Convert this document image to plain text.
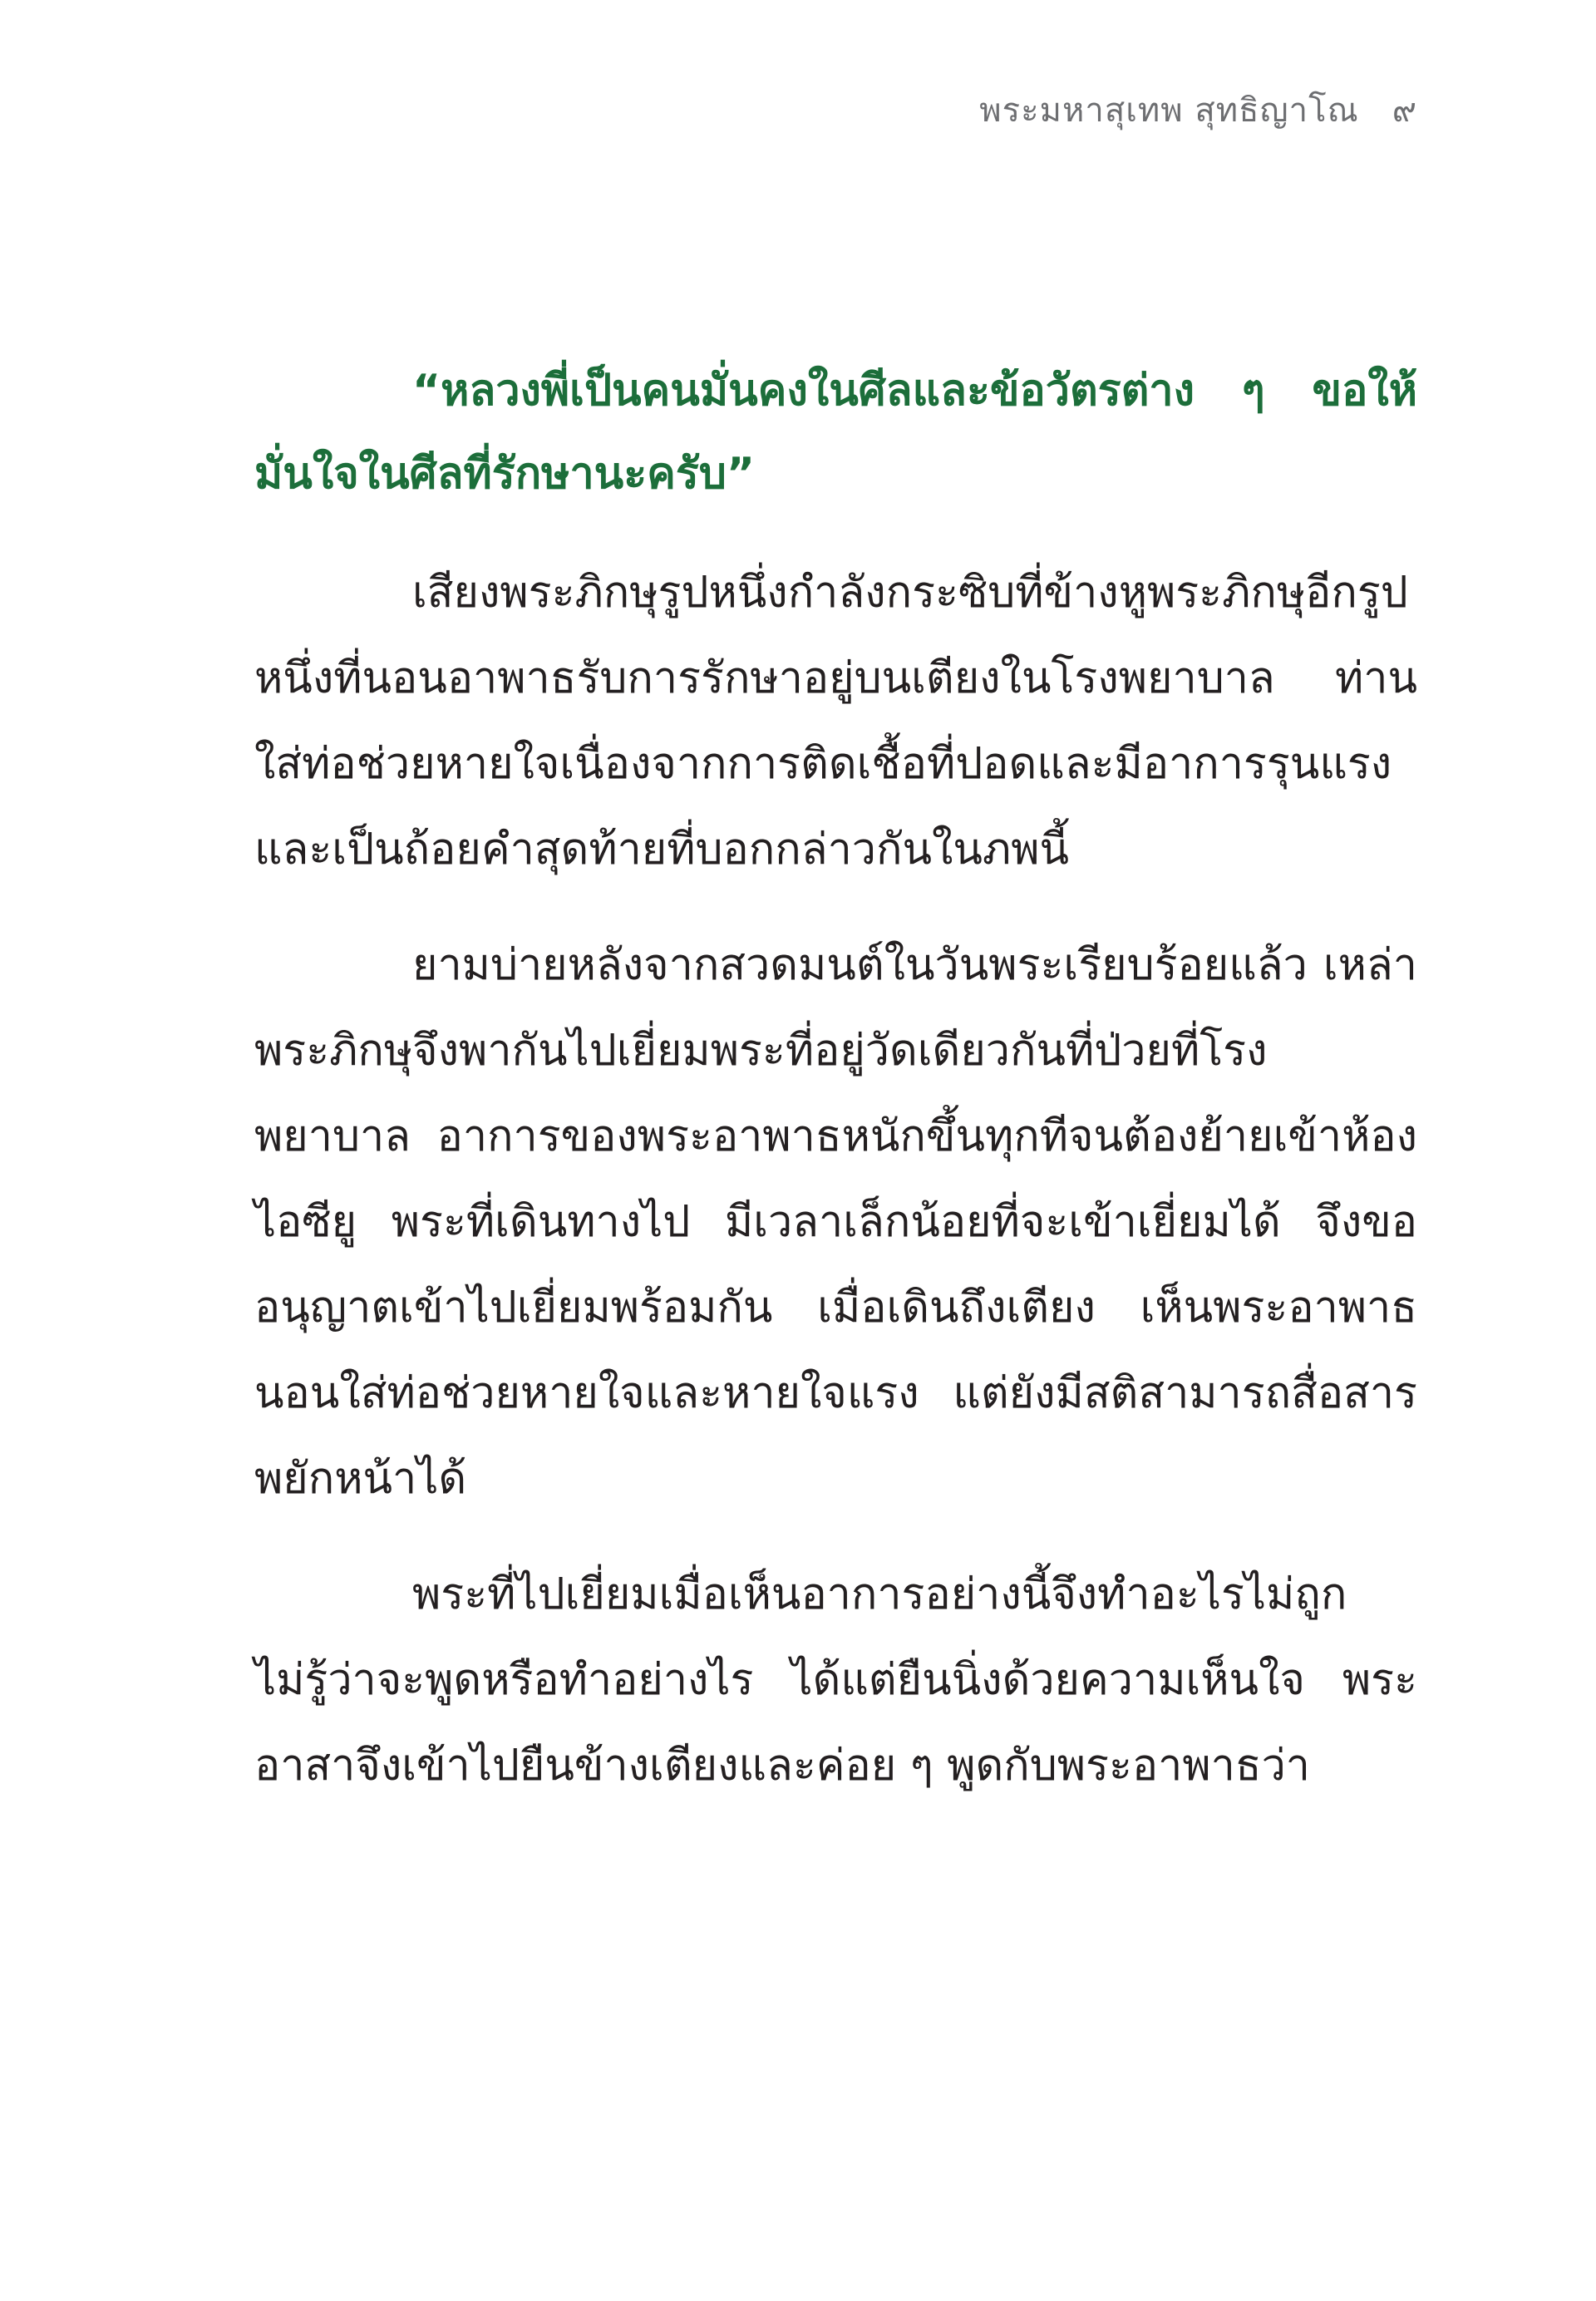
พระมหาสุเทพ สุทธิญาโณ ๙

“หลวงพี่เป็นคนมั่นคงในศีลและข้อวัตรต่าง ๆ ขอให้มั่นใจในศีลที่รักษานะครับ”

เสียงพระภิกษุรูปหนึ่งกำลังกระซิบที่ข้างหูพระภิกษุอีกรูปหนึ่งที่นอนอาพาธรับการรักษาอยู่บนเตียงในโรงพยาบาล ท่านใส่ท่อช่วยหายใจเนื่องจากการติดเชื้อที่ปอดและมีอาการรุนแรง และเป็นถ้อยคำสุดท้ายที่บอกกล่าวกันในภพนี้

ยามบ่ายหลังจากสวดมนต์ในวันพระเรียบร้อยแล้ว เหล่าพระภิกษุจึงพากันไปเยี่ยมพระที่อยู่วัดเดียวกันที่ป่วยที่โรงพยาบาล อาการของพระอาพาธหนักขึ้นทุกทีจนต้องย้ายเข้าห้องไอซียู พระที่เดินทางไป มีเวลาเล็กน้อยที่จะเข้าเยี่ยมได้ จึงขออนุญาตเข้าไปเยี่ยมพร้อมกัน เมื่อเดินถึงเตียง เห็นพระอาพาธนอนใส่ท่อช่วยหายใจและหายใจแรง แต่ยังมีสติสามารถสื่อสารพยักหน้าได้

พระที่ไปเยี่ยมเมื่อเห็นอาการอย่างนี้จึงทำอะไรไม่ถูก ไม่รู้ว่าจะพูดหรือทำอย่างไร ได้แต่ยืนนิ่งด้วยความเห็นใจ พระอาสาจึงเข้าไปยืนข้างเตียงและค่อย ๆ พูดกับพระอาพาธว่า
